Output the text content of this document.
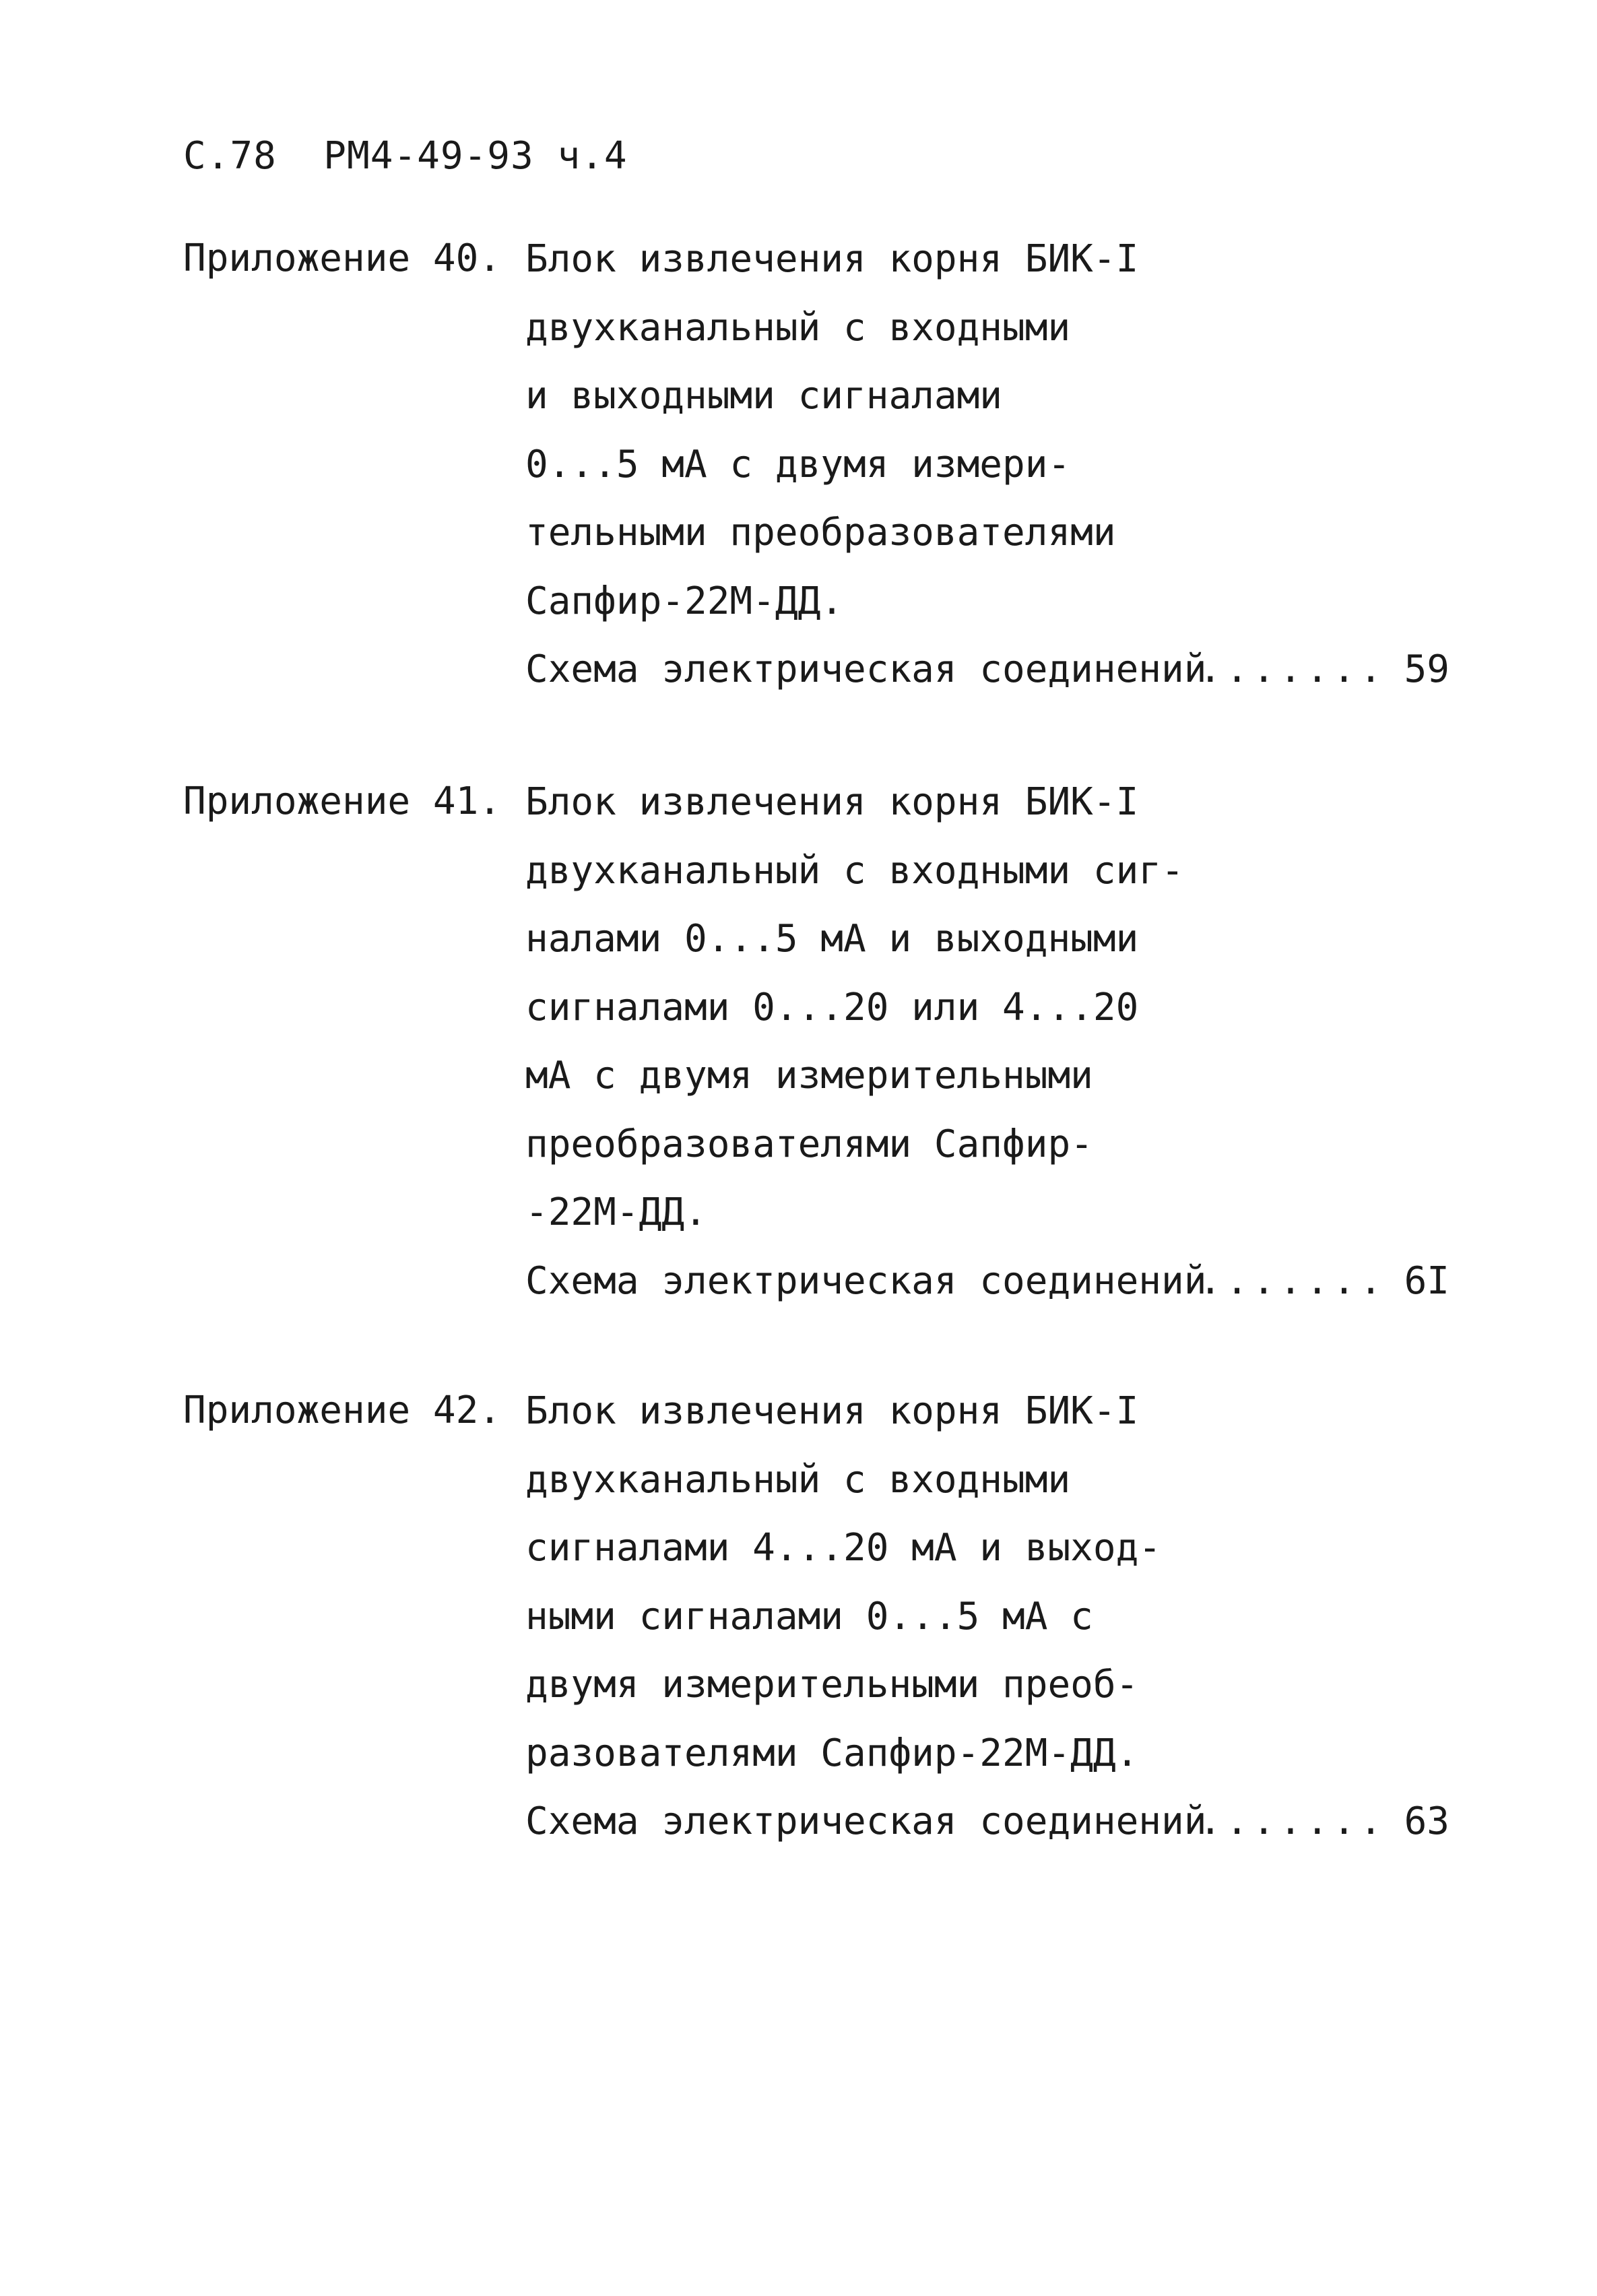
С.78  РМ4-49-93 ч.4
Приложение 40. Блок извлечения корня БИК-I
двухканальный с входными
и выходными сигналами
0...5 мА с двумя измери-
тельными преобразователями
Сапфир-22М-ДД.

Схема электрическая соединений

.......

59

Приложение 41. Блок извлечения корня БИК-I
двухканальный с входными сиг-
налами 0...5 мА и выходными
сигналами 0...20 или 4...20
мА с двумя измерительными
преобразователями Сапфир-
-22М-ДД.

Схема электрическая соединений

.......

6I

Приложение 42. Блок извлечения корня БИК-I
двухканальный с входными
сигналами 4...20 мА и выход-
ными сигналами 0...5 мА с
двумя измерительными преоб-
разователями Сапфир-22М-ДД.

Схема электрическая соединений

.......

63
